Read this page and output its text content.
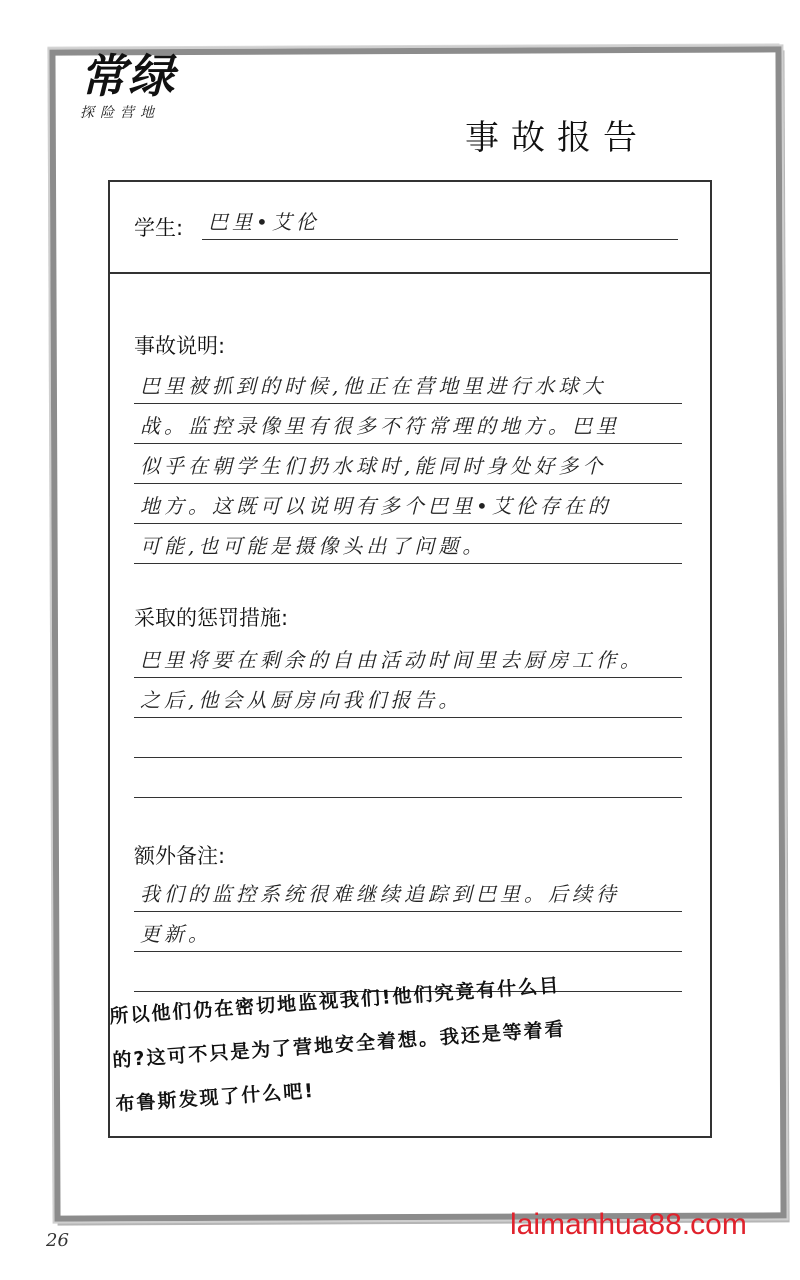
常绿
探险营地
事故报告
学生: 巴里•艾伦
事故说明:
巴里被抓到的时候,他正在营地里进行水球大
战。监控录像里有很多不符常理的地方。巴里
似乎在朝学生们扔水球时,能同时身处好多个
地方。这既可以说明有多个巴里•艾伦存在的
可能,也可能是摄像头出了问题。
采取的惩罚措施:
巴里将要在剩余的自由活动时间里去厨房工作。
之后,他会从厨房向我们报告。
额外备注:
我们的监控系统很难继续追踪到巴里。后续待
更新。
所以他们仍在密切地监视我们!他们究竟有什么目
的?这可不只是为了营地安全着想。我还是等着看
布鲁斯发现了什么吧!
26	laimanhua88.com
